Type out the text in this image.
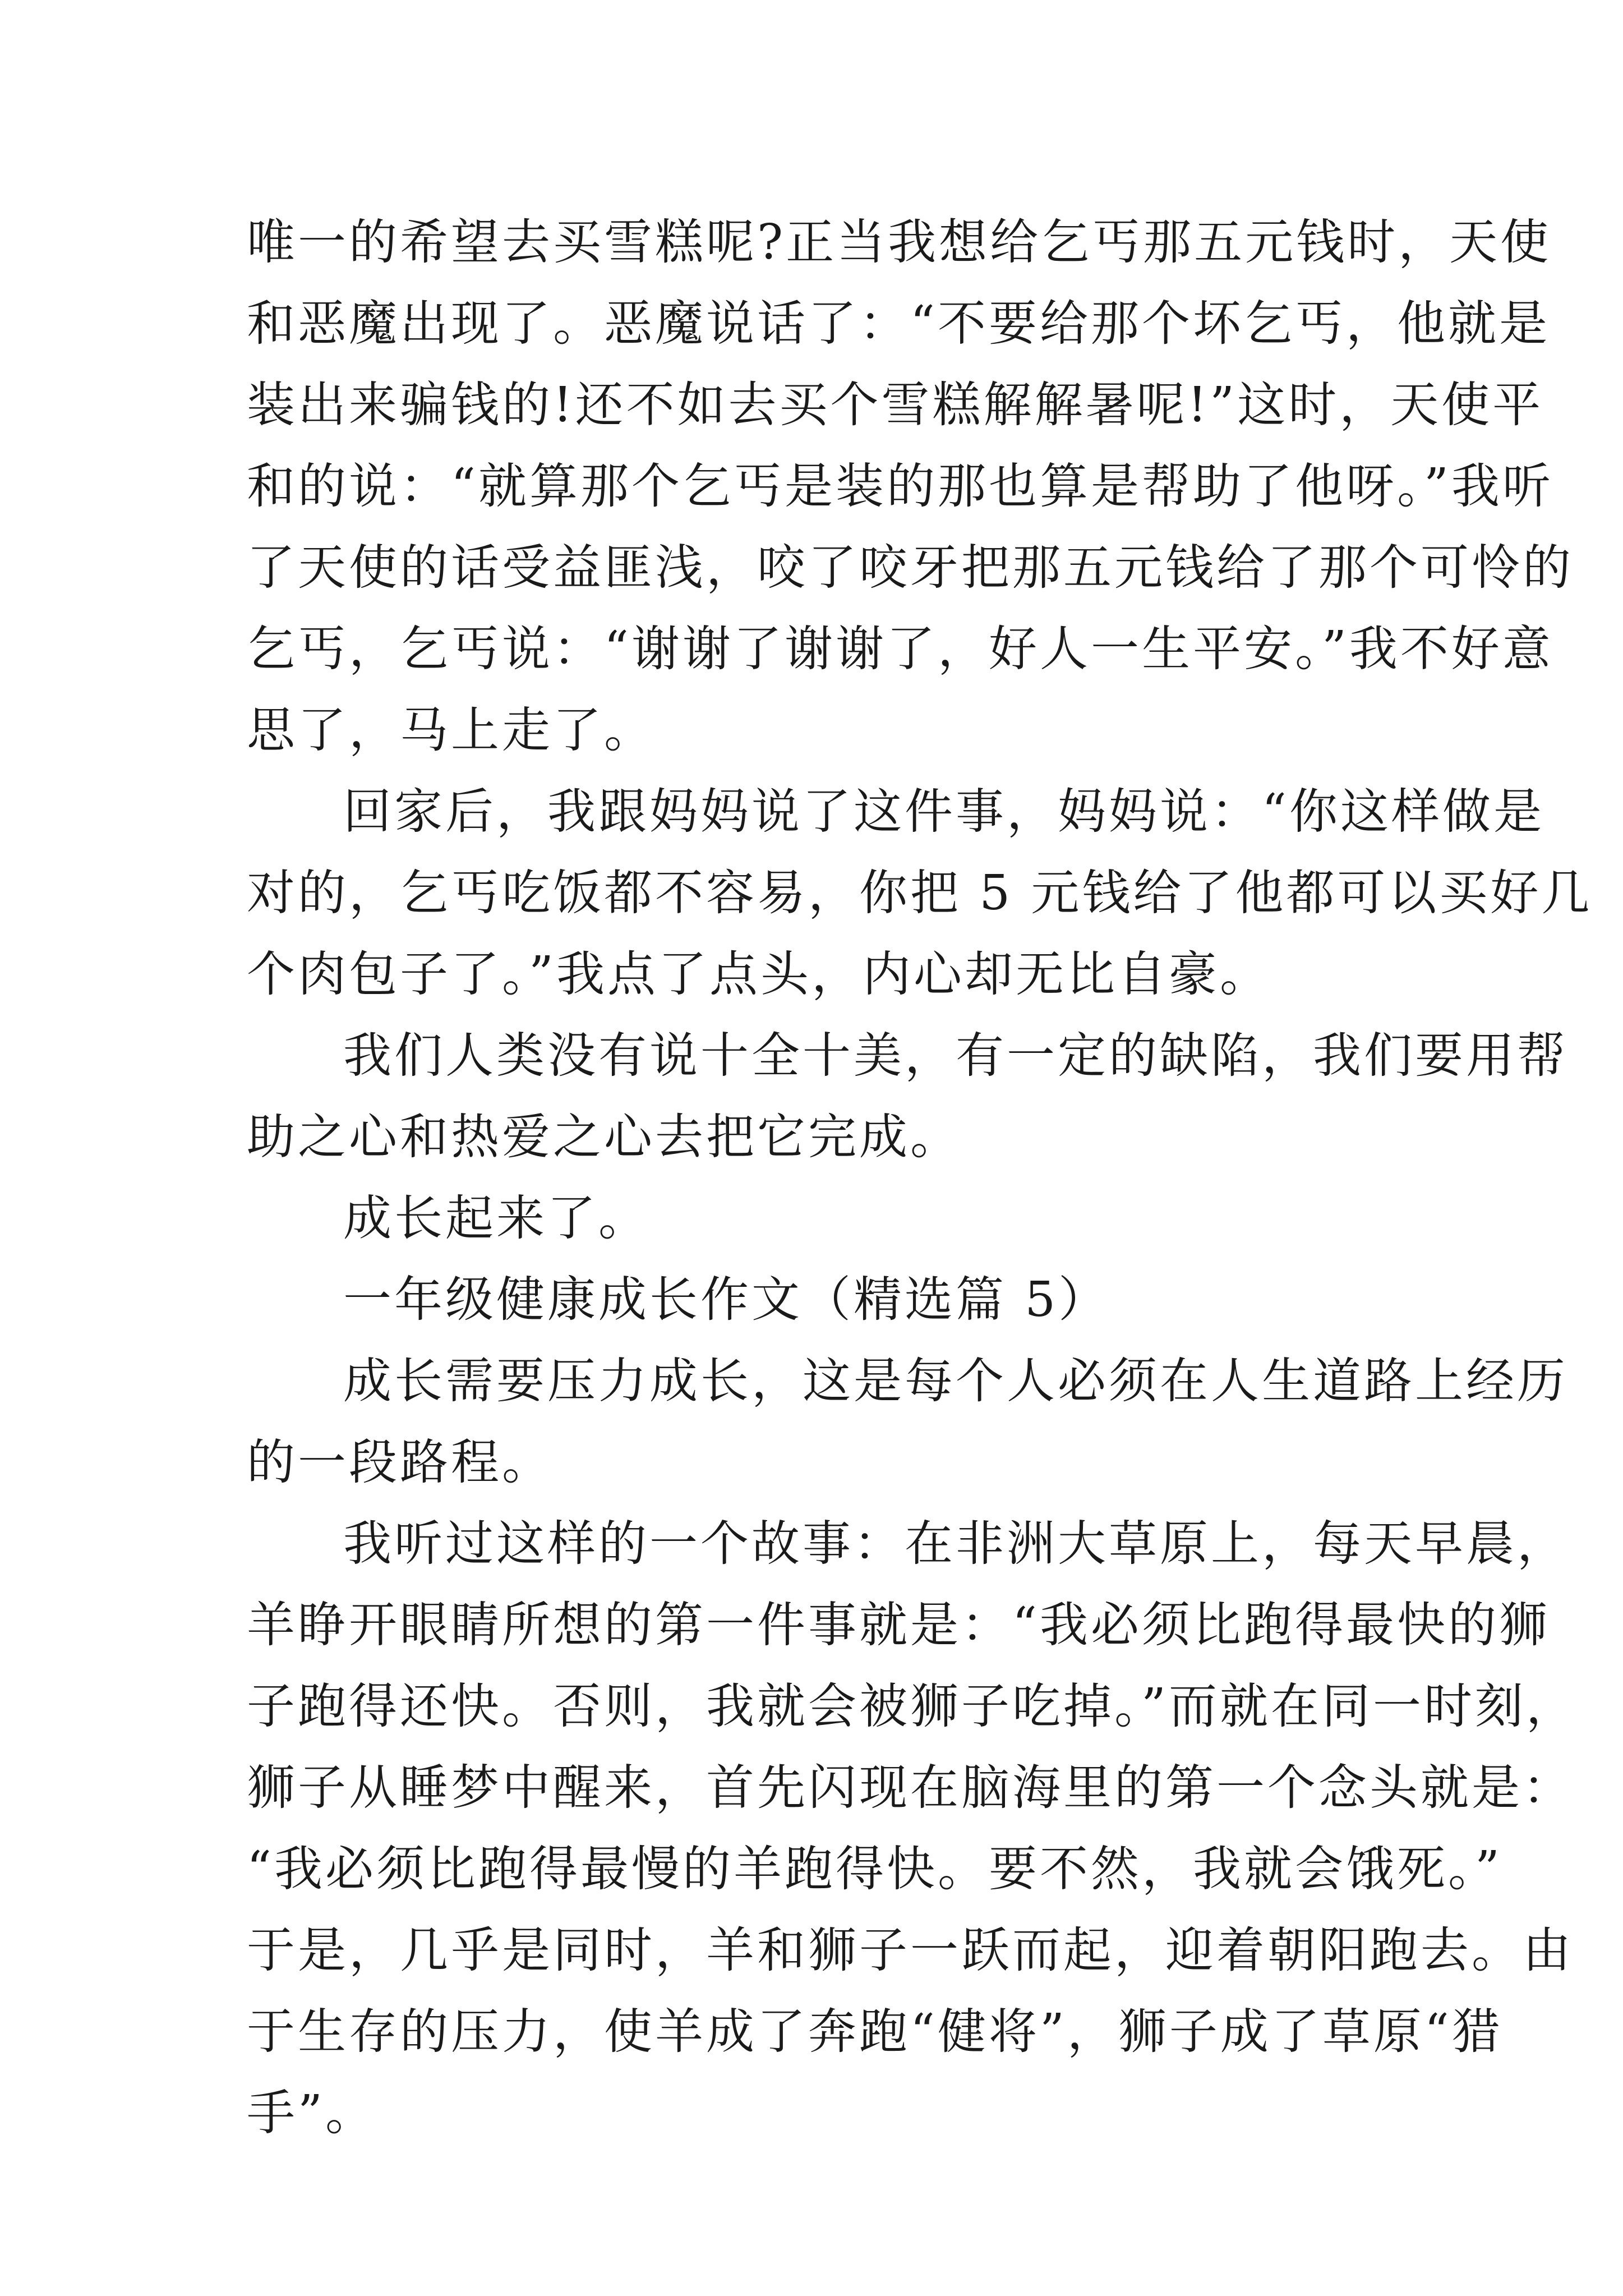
唯一的希望去买雪糕呢?正当我想给乞丐那五元钱时，天使
和恶魔出现了。恶魔说话了：“不要给那个坏乞丐，他就是
装出来骗钱的!还不如去买个雪糕解解暑呢!”这时，天使平
和的说：“就算那个乞丐是装的那也算是帮助了他呀。”我听
了天使的话受益匪浅，咬了咬牙把那五元钱给了那个可怜的
乞丐，乞丐说：“谢谢了谢谢了，好人一生平安。”我不好意
思了，马上走了。
回家后，我跟妈妈说了这件事，妈妈说：“你这样做是
对的，乞丐吃饭都不容易，你把 5 元钱给了他都可以买好几
个肉包子了。”我点了点头，内心却无比自豪。
我们人类没有说十全十美，有一定的缺陷，我们要用帮
助之心和热爱之心去把它完成。
成长起来了。
一年级健康成长作文（精选篇 5）
成长需要压力成长，这是每个人必须在人生道路上经历
的一段路程。
我听过这样的一个故事：在非洲大草原上，每天早晨，
羊睁开眼睛所想的第一件事就是：“我必须比跑得最快的狮
子跑得还快。否则，我就会被狮子吃掉。”而就在同一时刻，
狮子从睡梦中醒来，首先闪现在脑海里的第一个念头就是：
“我必须比跑得最慢的羊跑得快。要不然，我就会饿死。”
于是，几乎是同时，羊和狮子一跃而起，迎着朝阳跑去。由
于生存的压力，使羊成了奔跑“健将”，狮子成了草原“猎
手”。
